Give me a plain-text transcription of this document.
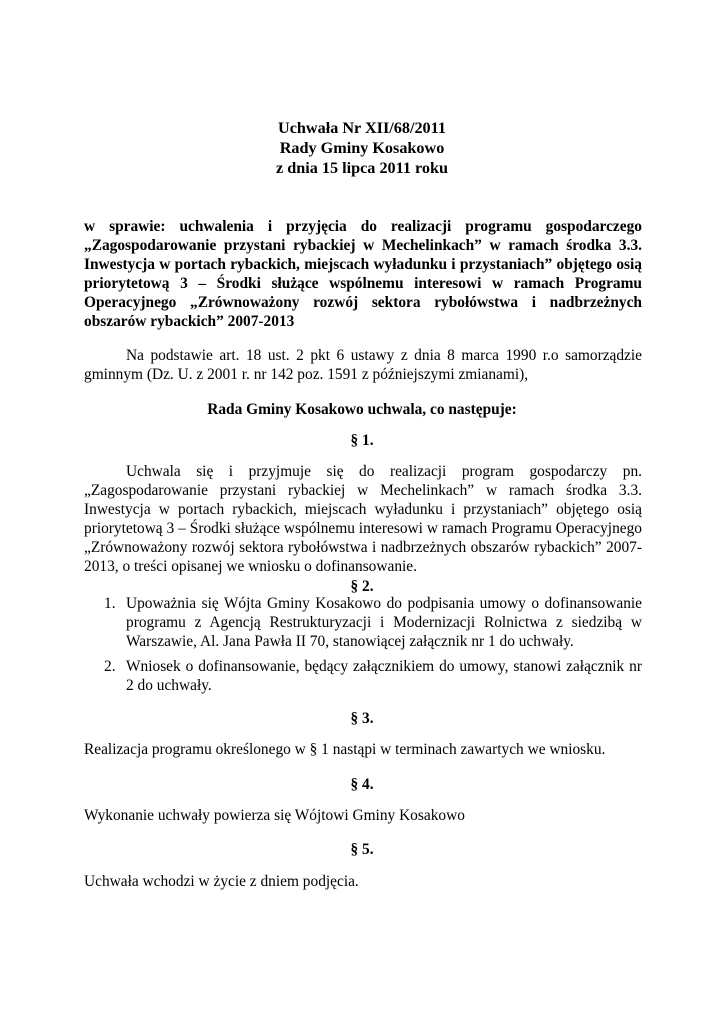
Uchwała Nr XII/68/2011

Rady Gminy Kosakowo

z dnia 15 lipca 2011 roku

w sprawie: uchwalenia i przyjęcia do realizacji programu gospodarczego „Zagospodarowanie przystani rybackiej w Mechelinkach” w ramach środka 3.3. Inwestycja w portach rybackich, miejscach wyładunku i przystaniach” objętego osią priorytetową 3 – Środki służące wspólnemu interesowi w ramach Programu Operacyjnego „Zrównoważony rozwój sektora rybołówstwa i nadbrzeżnych obszarów rybackich” 2007-2013

Na podstawie art. 18 ust. 2 pkt 6 ustawy z dnia 8 marca 1990 r.o samorządzie gminnym (Dz. U. z 2001 r. nr 142 poz. 1591 z późniejszymi zmianami),

Rada Gminy Kosakowo uchwala, co następuje:

§ 1.

Uchwala się i przyjmuje się do realizacji program gospodarczy pn. „Zagospodarowanie przystani rybackiej w Mechelinkach” w ramach środka 3.3. Inwestycja w portach rybackich, miejscach wyładunku i przystaniach” objętego osią priorytetową 3 – Środki służące wspólnemu interesowi w ramach Programu Operacyjnego „Zrównoważony rozwój sektora rybołówstwa i nadbrzeżnych obszarów rybackich” 2007-2013, o treści opisanej we wniosku o dofinansowanie.

§ 2.

1. Upoważnia się Wójta Gminy Kosakowo do podpisania umowy o dofinansowanie programu z Agencją Restrukturyzacji i Modernizacji Rolnictwa z siedzibą w Warszawie, Al. Jana Pawła II 70, stanowiącej załącznik nr 1 do uchwały.
2. Wniosek o dofinansowanie, będący załącznikiem do umowy, stanowi załącznik nr 2 do uchwały.

§ 3.

Realizacja programu określonego w § 1 nastąpi w terminach zawartych we wniosku.

§ 4.

Wykonanie uchwały powierza się Wójtowi Gminy Kosakowo

§ 5.

Uchwała wchodzi w życie z dniem podjęcia.
